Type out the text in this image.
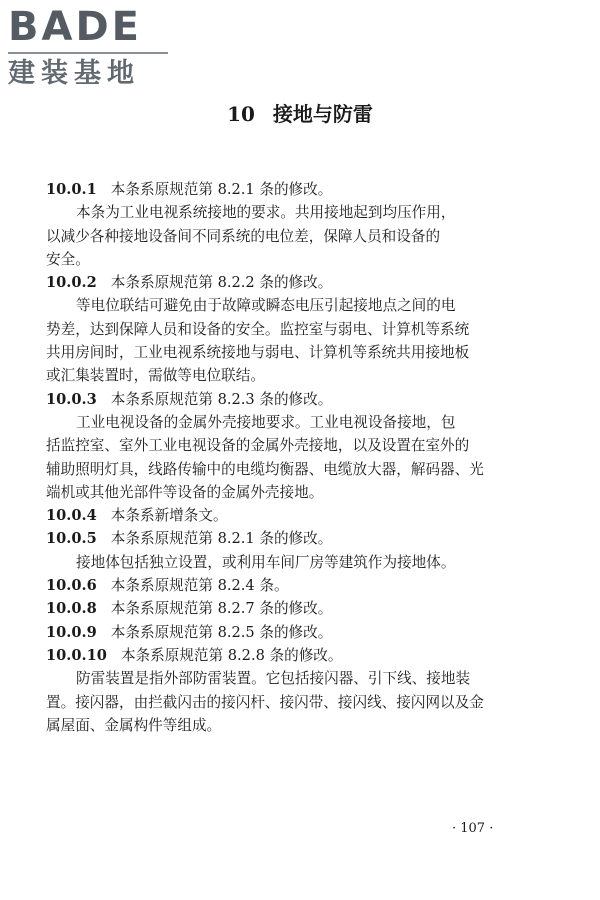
BADE
建装基地
10 接地与防雷
10.0.1 本条系原规范第 8.2.1 条的修改。
本条为工业电视系统接地的要求。共用接地起到均压作用，
以减少各种接地设备间不同系统的电位差，保障人员和设备的
安全。
10.0.2 本条系原规范第 8.2.2 条的修改。
等电位联结可避免由于故障或瞬态电压引起接地点之间的电
势差，达到保障人员和设备的安全。监控室与弱电、计算机等系统
共用房间时，工业电视系统接地与弱电、计算机等系统共用接地板
或汇集装置时，需做等电位联结。
10.0.3 本条系原规范第 8.2.3 条的修改。
工业电视设备的金属外壳接地要求。工业电视设备接地，包
括监控室、室外工业电视设备的金属外壳接地，以及设置在室外的
辅助照明灯具，线路传输中的电缆均衡器、电缆放大器，解码器、光
端机或其他光部件等设备的金属外壳接地。
10.0.4 本条系新增条文。
10.0.5 本条系原规范第 8.2.1 条的修改。
接地体包括独立设置，或利用车间厂房等建筑作为接地体。
10.0.6 本条系原规范第 8.2.4 条。
10.0.8 本条系原规范第 8.2.7 条的修改。
10.0.9 本条系原规范第 8.2.5 条的修改。
10.0.10 本条系原规范第 8.2.8 条的修改。
防雷装置是指外部防雷装置。它包括接闪器、引下线、接地装
置。接闪器，由拦截闪击的接闪杆、接闪带、接闪线、接闪网以及金
属屋面、金属构件等组成。
· 107 ·
